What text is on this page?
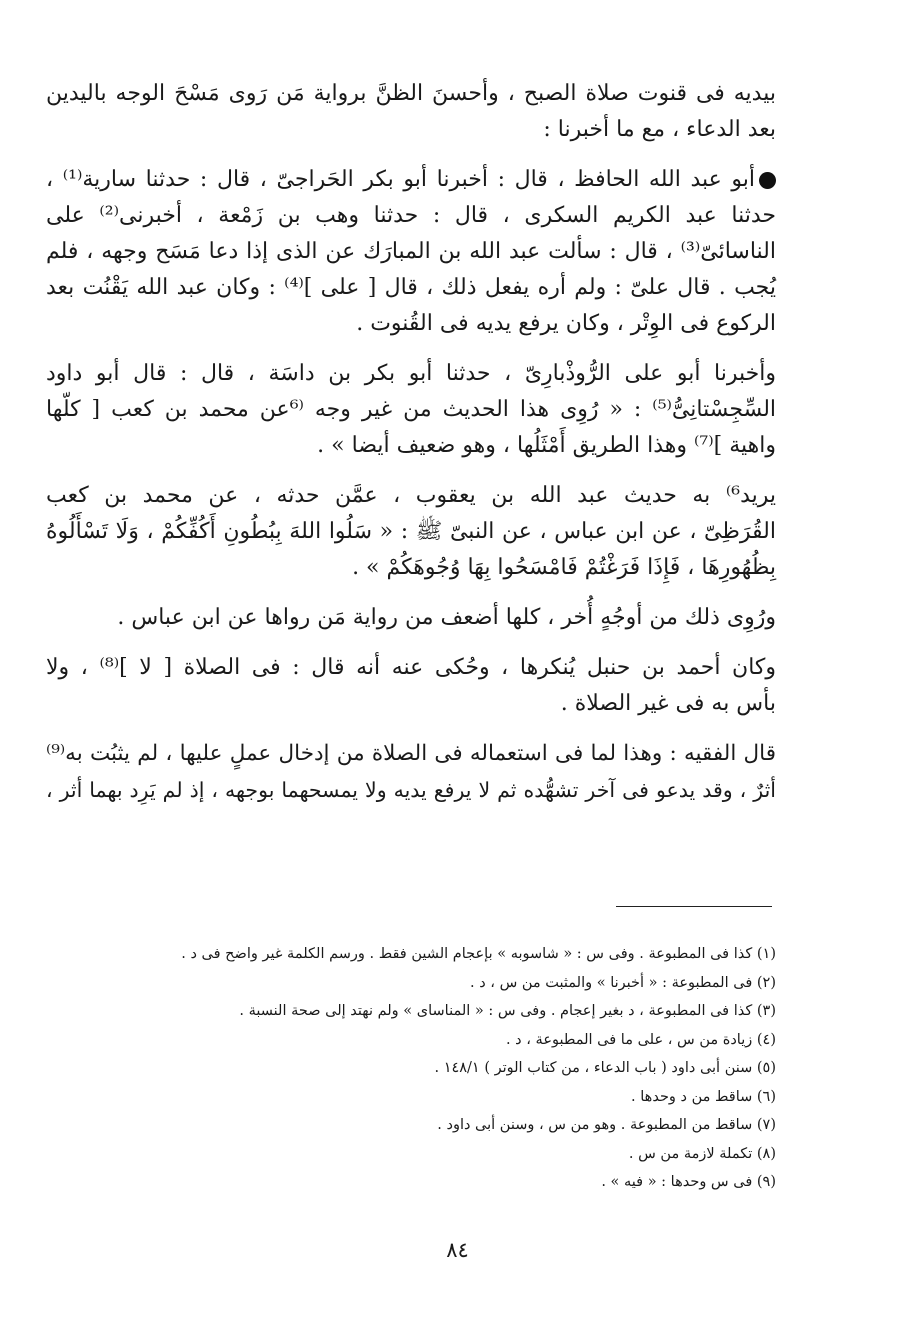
بيديه فى قنوت صلاة الصبح ، وأحسنَ الظنَّ برواية مَن رَوى مَسْحَ الوجه باليدين
بعد الدعاء ، مع ما أخبرنا :

أبو عبد الله الحافظ ، قال : أخبرنا أبو بكر الحَراجىّ ، قال : حدثنا سارية⁽¹⁾ ،
حدثنا عبد الكريم السكرى ، قال : حدثنا وهب بن زَمْعة ، أخبرنى⁽²⁾ على
الناسائىّ⁽³⁾ ، قال : سألت عبد الله بن المبارَك عن الذى إذا دعا مَسَح وجهه ، فلم
يُجب . قال علىّ : ولم أره يفعل ذلك ، قال [ على ]⁽⁴⁾ : وكان عبد الله يَقْنُت بعد
الركوع فى الوِتْر ، وكان يرفع يديه فى القُنوت .

وأخبرنا أبو على الرُّوذْبارِىّ ، حدثنا أبو بكر بن داسَة ، قال : قال أبو داود
السِّجِسْتانِىُّ⁽⁵⁾ : « رُوِى هذا الحديث من غير وجه ⁽⁶عن محمد بن كعب [ كلّها
واهية ]⁽⁷⁾ وهذا الطريق أَمْثَلُها ، وهو ضعيف أيضا » .

يريد⁶⁾ به حديث عبد الله بن يعقوب ، عمَّن حدثه ، عن محمد بن كعب
القُرَظِىّ ، عن ابن عباس ، عن النبىّ ﷺ : « سَلُوا اللهَ بِبُطُونِ أَكُفِّكُمْ ، وَلَا تَسْأَلُوهُ
بِظُهُورِهَا ، فَإِذَا فَرَغْتُمْ فَامْسَحُوا بِهَا وُجُوهَكُمْ » .

ورُوِى ذلك من أوجُهٍ أُخر ، كلها أضعف من رواية مَن رواها عن ابن عباس .

وكان أحمد بن حنبل يُنكرها ، وحُكى عنه أنه قال : فى الصلاة [ لا ]⁽⁸⁾ ، ولا
بأس به فى غير الصلاة .

قال الفقيه : وهذا لما فى استعماله فى الصلاة من إدخال عملٍ عليها ، لم يثبُت به⁽⁹⁾
أثرٌ ، وقد يدعو فى آخر تشهُّده ثم لا يرفع يديه ولا يمسحهما بوجهه ، إذ لم يَرِد بهما أثر ،

(١) كذا فى المطبوعة . وفى س : « شاسوبه » بإعجام الشين فقط . ورسم الكلمة غير واضح فى د .
(٢) فى المطبوعة : « أخبرنا » والمثبت من س ، د .
(٣) كذا فى المطبوعة ، د بغير إعجام . وفى س : « المناساى » ولم نهتد إلى صحة النسبة .
(٤) زيادة من س ، على ما فى المطبوعة ، د .
(٥) سنن أبى داود ( باب الدعاء ، من كتاب الوتر ) ١٤٨/١ .
(٦) ساقط من د وحدها .
(٧) ساقط من المطبوعة . وهو من س ، وسنن أبى داود .
(٨) تكملة لازمة من س .
(٩) فى س وحدها : « فيه » .
٨٤
